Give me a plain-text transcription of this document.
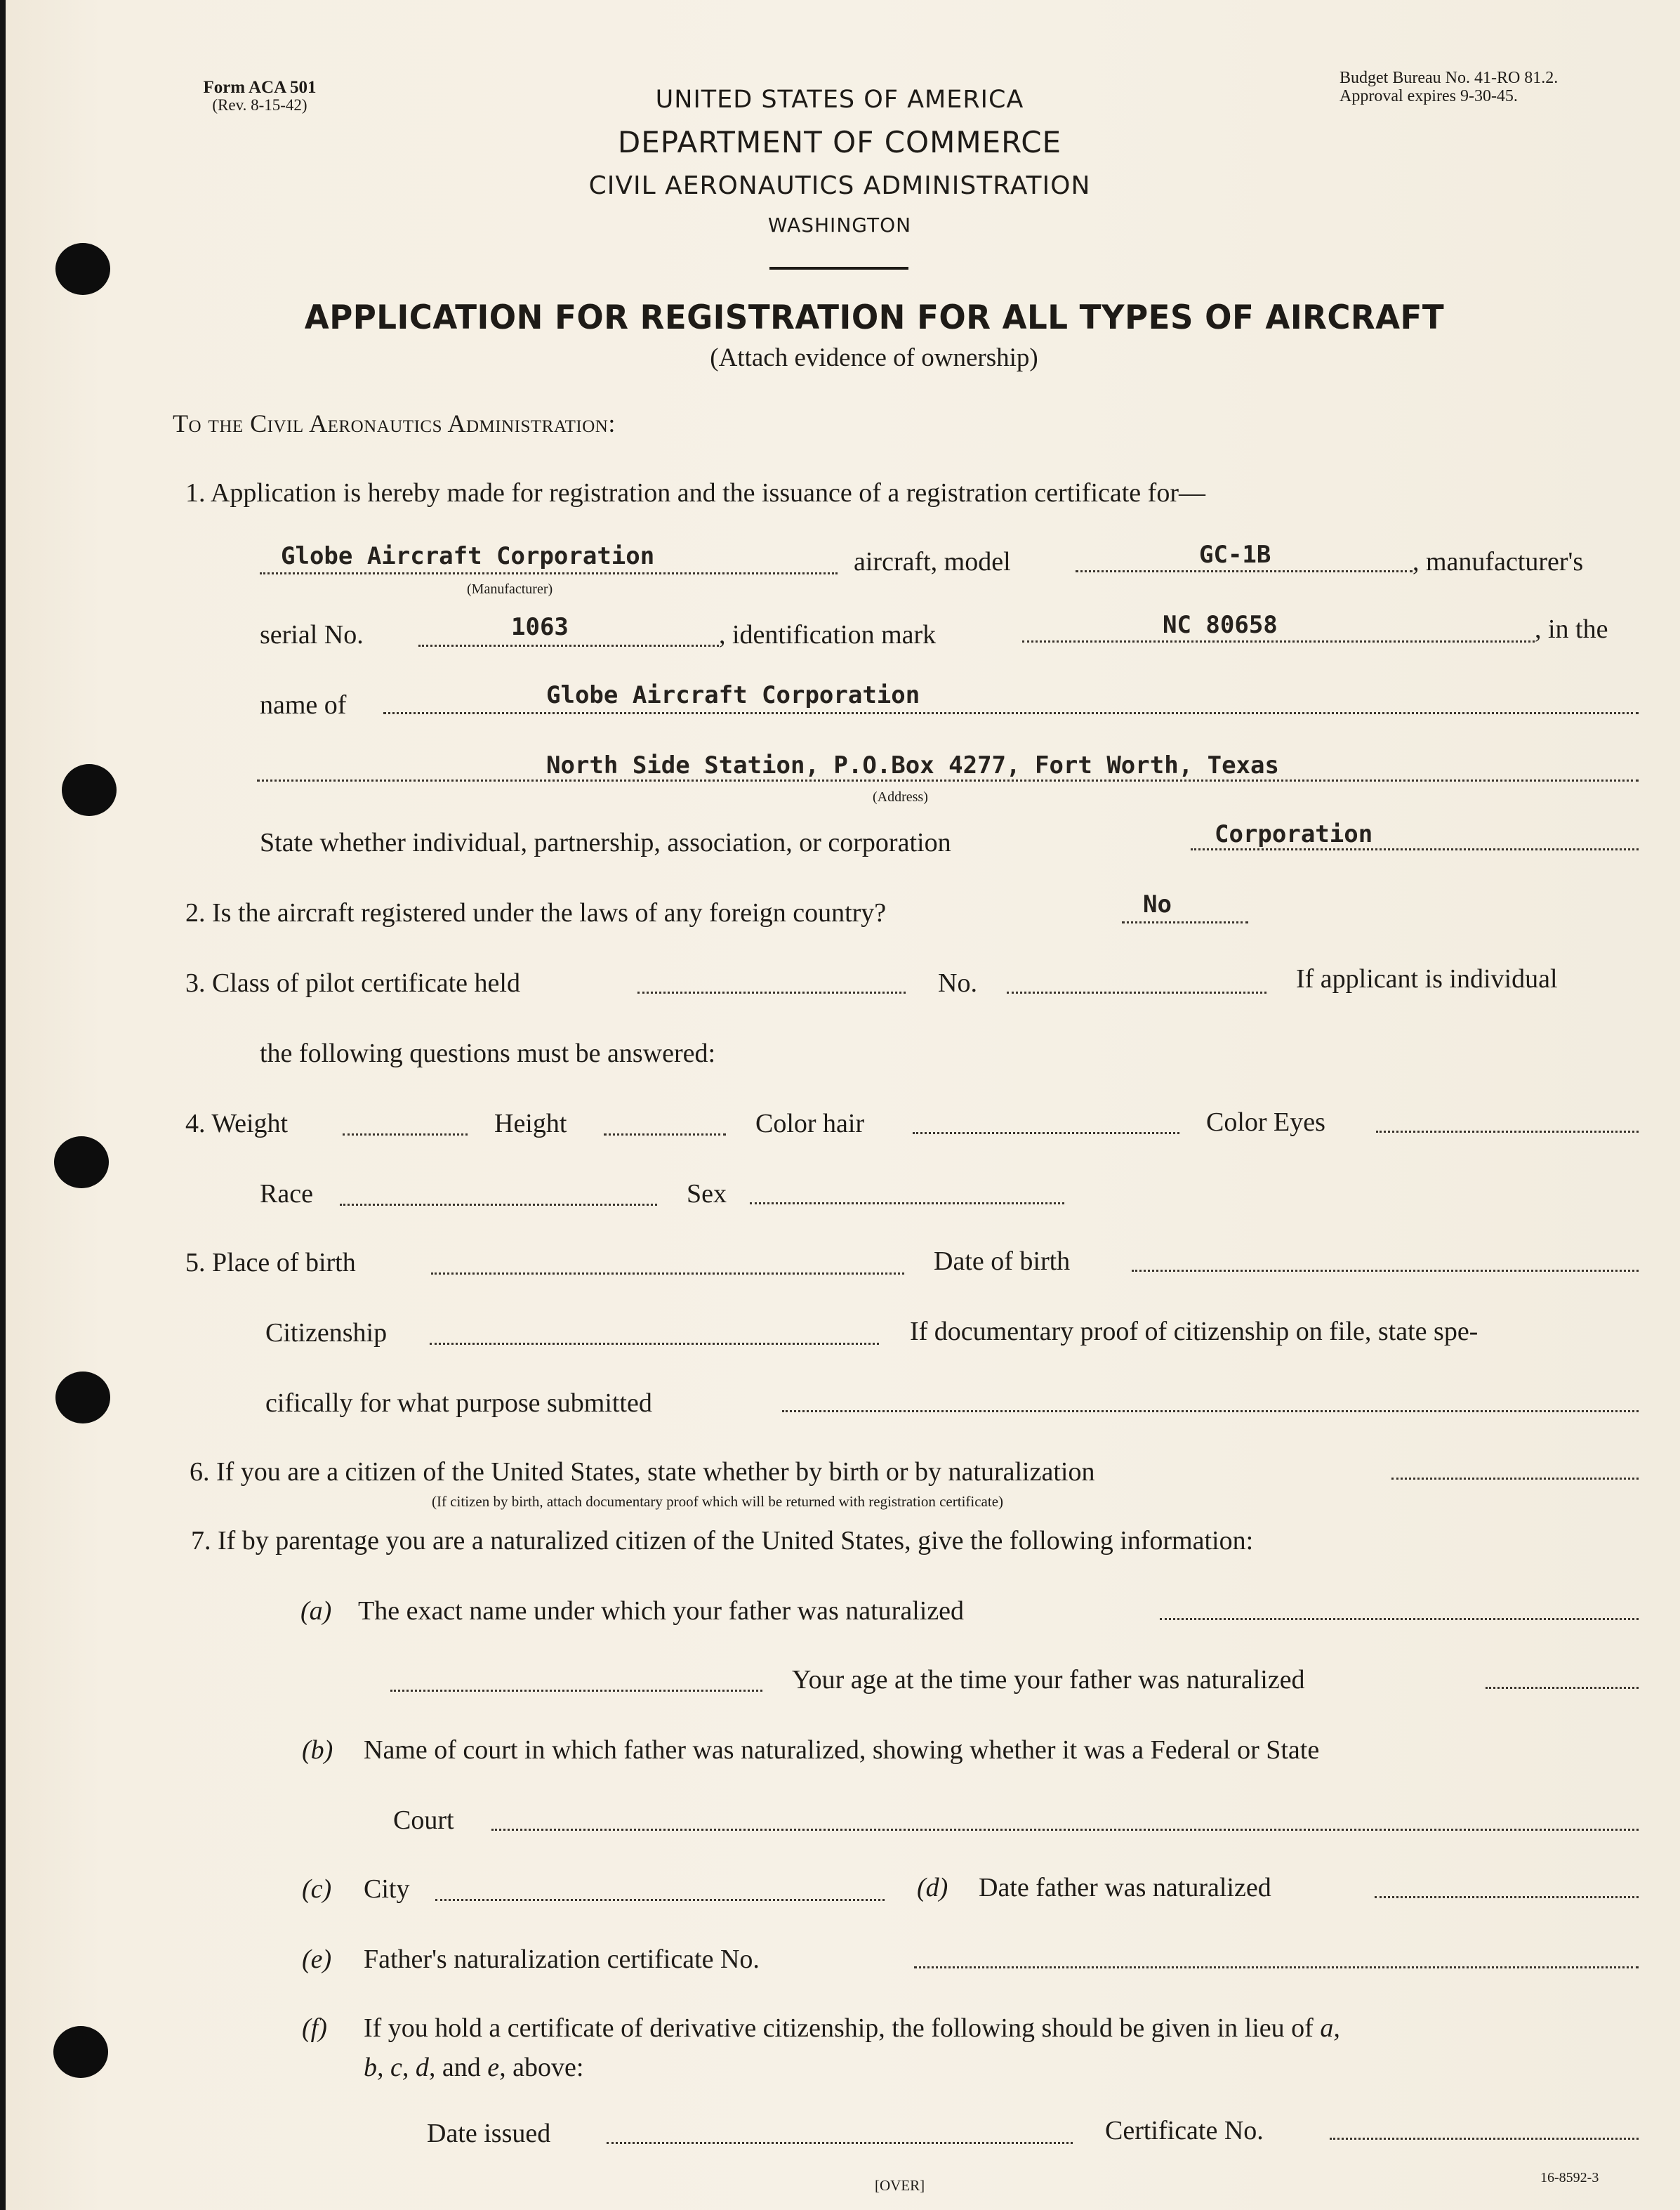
Form ACA 501
(Rev. 8-15-42)
Budget Bureau No. 41-RO 81.2.
Approval expires 9-30-45.
UNITED STATES OF AMERICA
DEPARTMENT OF COMMERCE
CIVIL AERONAUTICS ADMINISTRATION
WASHINGTON
APPLICATION FOR REGISTRATION FOR ALL TYPES OF AIRCRAFT
(Attach evidence of ownership)
To the Civil Aeronautics Administration:
1. Application is hereby made for registration and the issuance of a registration certificate for—
Globe Aircraft Corporation	aircraft, model	GC-1B	, manufacturer's
(Manufacturer)
serial No.	1063	, identification mark	NC 80658	, in the
name of	Globe Aircraft Corporation
North Side Station, P.O.Box 4277, Fort Worth, Texas
(Address)
State whether individual, partnership, association, or corporation	Corporation
2. Is the aircraft registered under the laws of any foreign country?	No
3. Class of pilot certificate held	No.	If applicant is individual
the following questions must be answered:
4. Weight	Height	Color hair	Color Eyes
Race	Sex
5. Place of birth	Date of birth
Citizenship	If documentary proof of citizenship on file, state spe-
cifically for what purpose submitted
6. If you are a citizen of the United States, state whether by birth or by naturalization
(If citizen by birth, attach documentary proof which will be returned with registration certificate)
7. If by parentage you are a naturalized citizen of the United States, give the following information:
(a) The exact name under which your father was naturalized
Your age at the time your father was naturalized
(b) Name of court in which father was naturalized, showing whether it was a Federal or State
Court
(c) City	(d) Date father was naturalized
(e) Father's naturalization certificate No.
(f) If you hold a certificate of derivative citizenship, the following should be given in lieu of a,
b, c, d, and e, above:
Date issued	Certificate No.
[OVER]	16-8592-3
